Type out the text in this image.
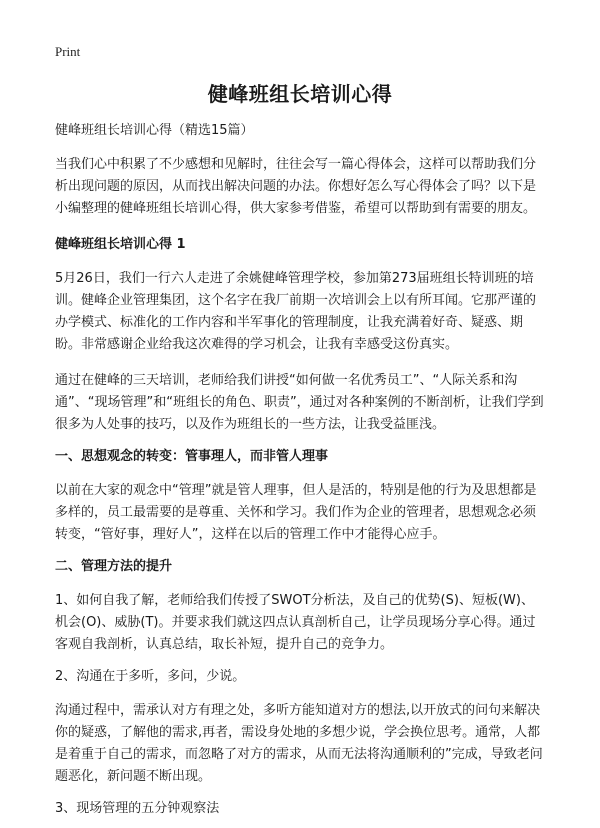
Print
健峰班组长培训心得

健峰班组长培训心得（精选15篇）

当我们心中积累了不少感想和见解时，往往会写一篇心得体会，这样可以帮助我们分析出现问题的原因，从而找出解决问题的办法。你想好怎么写心得体会了吗？以下是小编整理的健峰班组长培训心得，供大家参考借鉴，希望可以帮助到有需要的朋友。

健峰班组长培训心得 1

5月26日，我们一行六人走进了余姚健峰管理学校，参加第273届班组长特训班的培训。健峰企业管理集团，这个名字在我厂前期一次培训会上以有所耳闻。它那严谨的办学模式、标准化的工作内容和半军事化的管理制度，让我充满着好奇、疑惑、期盼。非常感谢企业给我这次难得的学习机会，让我有幸感受这份真实。

通过在健峰的三天培训，老师给我们讲授“如何做一名优秀员工”、“人际关系和沟通”、“现场管理”和“班组长的角色、职责”，通过对各种案例的不断剖析，让我们学到很多为人处事的技巧，以及作为班组长的一些方法，让我受益匪浅。

一、思想观念的转变：管事理人，而非管人理事

以前在大家的观念中“管理”就是管人理事，但人是活的，特别是他的行为及思想都是多样的，员工最需要的是尊重、关怀和学习。我们作为企业的管理者，思想观念必须转变，“管好事，理好人”，这样在以后的管理工作中才能得心应手。

二、管理方法的提升

1、如何自我了解，老师给我们传授了SWOT分析法，及自己的优势(S)、短板(W)、机会(O)、威胁(T)。并要求我们就这四点认真剖析自己，让学员现场分享心得。通过客观自我剖析，认真总结，取长补短，提升自己的竞争力。

2、沟通在于多听，多问，少说。

沟通过程中，需承认对方有理之处，多听方能知道对方的想法,以开放式的问句来解决你的疑惑，了解他的需求,再者，需设身处地的多想少说，学会换位思考。通常，人都是着重于自己的需求，而忽略了对方的需求，从而无法将沟通顺利的”完成，导致老问题恶化，新问题不断出现。

3、现场管理的五分钟观察法
